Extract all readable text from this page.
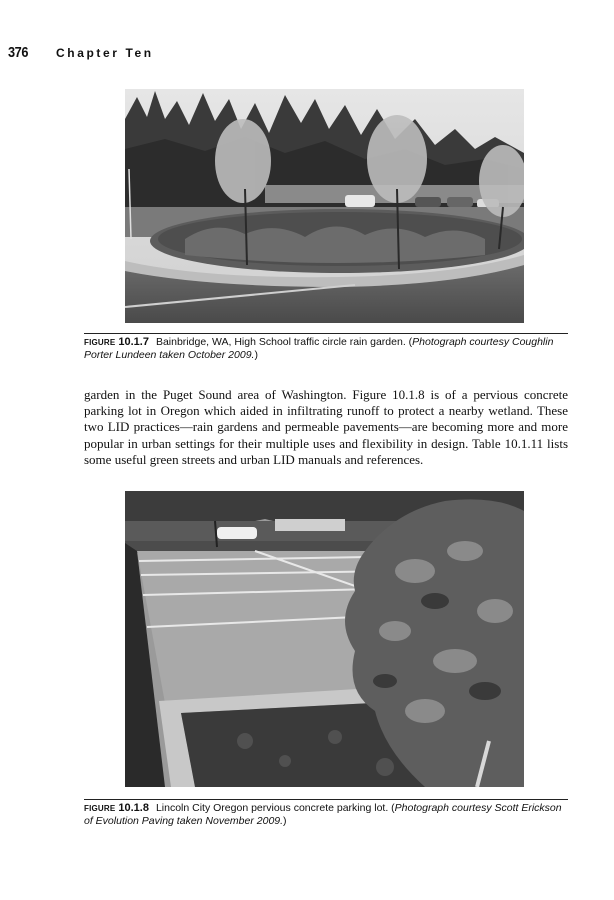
376 Chapter Ten
FIGURE 10.1.7 Bainbridge, WA, High School traffic circle rain garden. (Photograph courtesy Coughlin Porter Lundeen taken October 2009.)
garden in the Puget Sound area of Washington. Figure 10.1.8 is of a pervious concrete parking lot in Oregon which aided in infiltrating runoff to protect a nearby wetland. These two LID practices—rain gardens and permeable pavements—are becoming more and more popular in urban settings for their multiple uses and flexibility in design. Table 10.1.11 lists some useful green streets and urban LID manuals and references.
FIGURE 10.1.8 Lincoln City Oregon pervious concrete parking lot. (Photograph courtesy Scott Erickson of Evolution Paving taken November 2009.)
